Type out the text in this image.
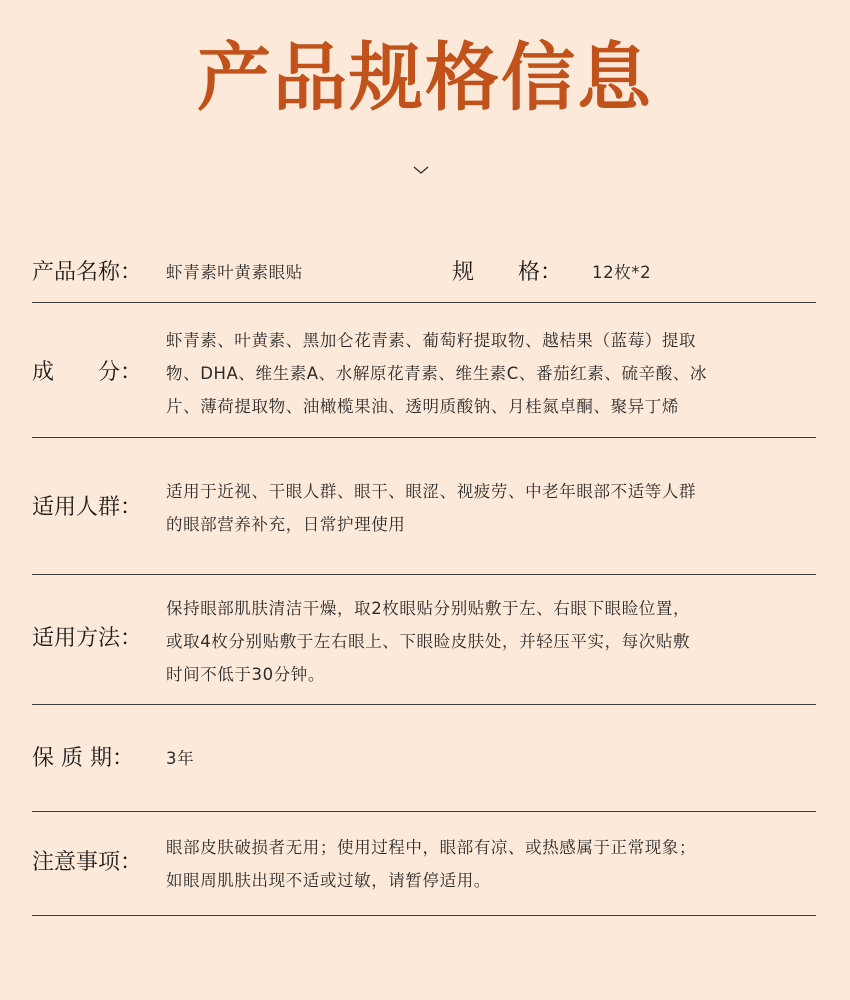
产品规格信息
产品名称： 虾青素叶黄素眼贴	规　　格： 12枚*2
成　　分：
虾青素、叶黄素、黑加仑花青素、葡萄籽提取物、越桔果（蓝莓）提取
物、DHA、维生素A、水解原花青素、维生素C、番茄红素、硫辛酸、冰
片、薄荷提取物、油橄榄果油、透明质酸钠、月桂氮卓酮、聚异丁烯
适用人群：
适用于近视、干眼人群、眼干、眼涩、视疲劳、中老年眼部不适等人群
的眼部营养补充，日常护理使用
适用方法：
保持眼部肌肤清洁干燥，取2枚眼贴分别贴敷于左、右眼下眼睑位置，
或取4枚分别贴敷于左右眼上、下眼睑皮肤处，并轻压平实，每次贴敷
时间不低于30分钟。
保 质 期： 3年
注意事项：
眼部皮肤破损者无用；使用过程中，眼部有凉、或热感属于正常现象；
如眼周肌肤出现不适或过敏，请暂停适用。
